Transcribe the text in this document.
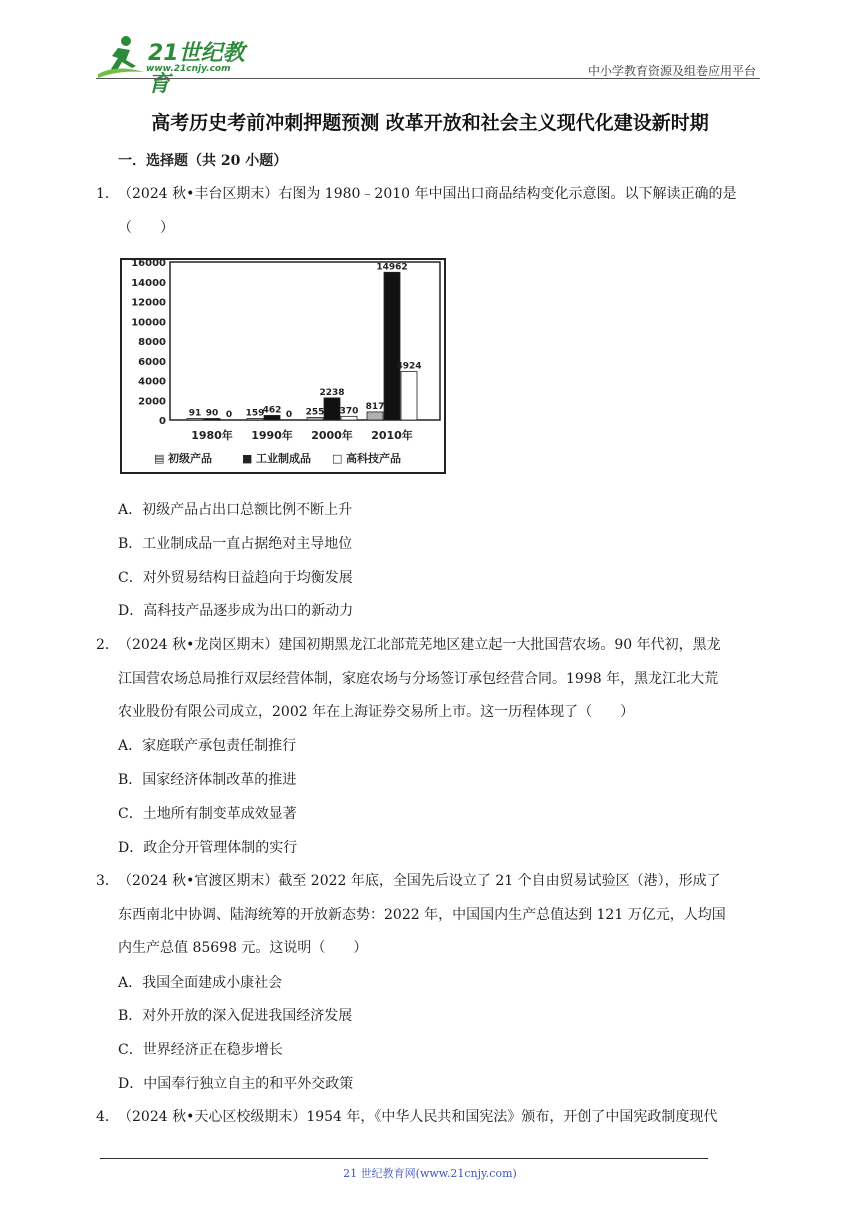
21世纪教育
www.21cnjy.com	中小学教育资源及组卷应用平台
高考历史考前冲刺押题预测 改革开放和社会主义现代化建设新时期
一．选择题（共 20 小题）
1．（2024 秋•丰台区期末）右图为 1980﹣2010 年中国出口商品结构变化示意图。以下解读正确的是
（　　）
16000
14000
12000
10000
8000
6000
4000
2000
0
91 90 0
1980年
159
462 0
1990年
255
2238
370
2000年
817
14962
4924
2010年
▤ 初级产品	■ 工业制成品 □ 高科技产品
A．初级产品占出口总额比例不断上升
B．工业制成品一直占据绝对主导地位
C．对外贸易结构日益趋向于均衡发展
D．高科技产品逐步成为出口的新动力
2．（2024 秋•龙岗区期末）建国初期黑龙江北部荒芜地区建立起一大批国营农场。90 年代初，黑龙
江国营农场总局推行双层经营体制，家庭农场与分场签订承包经营合同。1998 年，黑龙江北大荒
农业股份有限公司成立，2002 年在上海证券交易所上市。这一历程体现了（　　）
A．家庭联产承包责任制推行
B．国家经济体制改革的推进
C．土地所有制变革成效显著
D．政企分开管理体制的实行
3．（2024 秋•官渡区期末）截至 2022 年底，全国先后设立了 21 个自由贸易试验区（港），形成了
东西南北中协调、陆海统筹的开放新态势：2022 年，中国国内生产总值达到 121 万亿元，人均国
内生产总值 85698 元。这说明（　　）
A．我国全面建成小康社会
B．对外开放的深入促进我国经济发展
C．世界经济正在稳步增长
D．中国奉行独立自主的和平外交政策
4．（2024 秋•天心区校级期末）1954 年，《中华人民共和国宪法》颁布，开创了中国宪政制度现代
21 世纪教育网(www.21cnjy.com)
